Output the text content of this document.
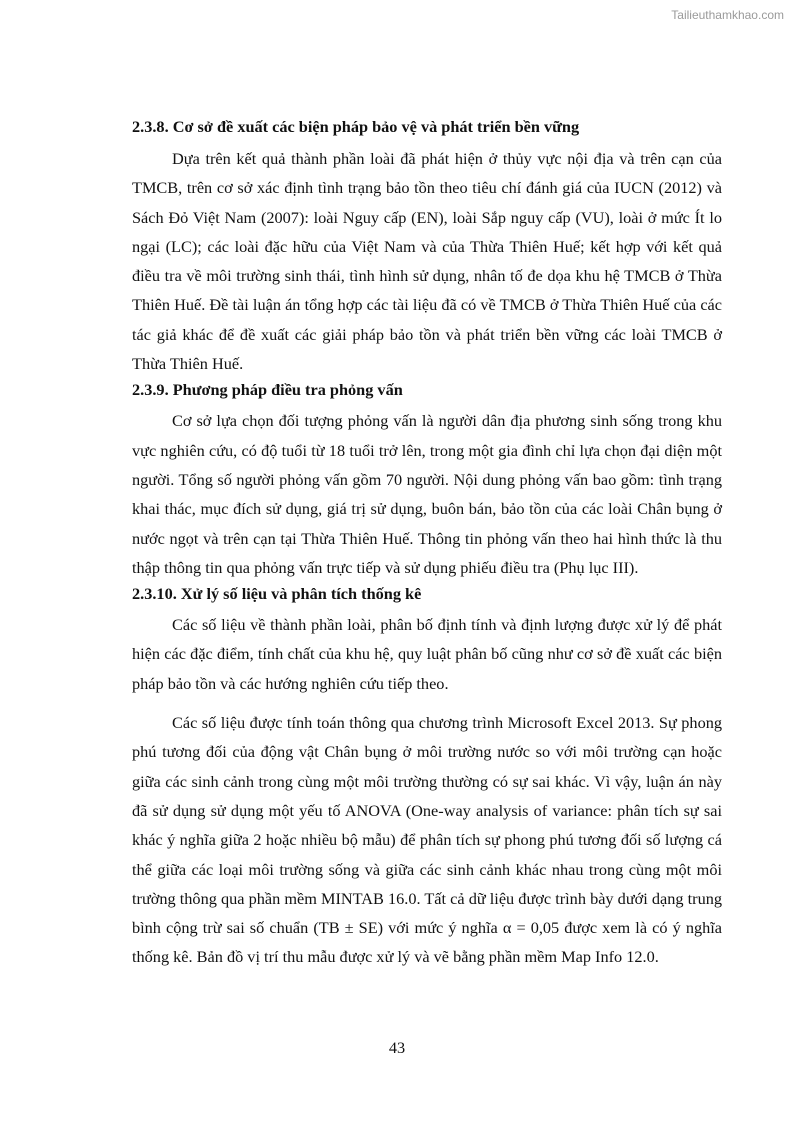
Tailieuthamkhao.com
2.3.8. Cơ sở đề xuất các biện pháp bảo vệ và phát triển bền vững

Dựa trên kết quả thành phần loài đã phát hiện ở thủy vực nội địa và trên cạn của TMCB, trên cơ sở xác định tình trạng bảo tồn theo tiêu chí đánh giá của IUCN (2012) và Sách Đỏ Việt Nam (2007): loài Nguy cấp (EN), loài Sắp nguy cấp (VU), loài ở mức Ít lo ngại (LC); các loài đặc hữu của Việt Nam và của Thừa Thiên Huế; kết hợp với kết quả điều tra về môi trường sinh thái, tình hình sử dụng, nhân tố đe dọa khu hệ TMCB ở Thừa Thiên Huế. Đề tài luận án tổng hợp các tài liệu đã có về TMCB ở Thừa Thiên Huế của các tác giả khác để đề xuất các giải pháp bảo tồn và phát triển bền vững các loài TMCB ở Thừa Thiên Huế.

2.3.9. Phương pháp điều tra phỏng vấn

Cơ sở lựa chọn đối tượng phỏng vấn là người dân địa phương sinh sống trong khu vực nghiên cứu, có độ tuổi từ 18 tuổi trở lên, trong một gia đình chỉ lựa chọn đại diện một người. Tổng số người phỏng vấn gồm 70 người. Nội dung phỏng vấn bao gồm: tình trạng khai thác, mục đích sử dụng, giá trị sử dụng, buôn bán, bảo tồn của các loài Chân bụng ở nước ngọt và trên cạn tại Thừa Thiên Huế. Thông tin phỏng vấn theo hai hình thức là thu thập thông tin qua phỏng vấn trực tiếp và sử dụng phiếu điều tra (Phụ lục III).

2.3.10. Xử lý số liệu và phân tích thống kê

Các số liệu về thành phần loài, phân bố định tính và định lượng được xử lý để phát hiện các đặc điểm, tính chất của khu hệ, quy luật phân bố cũng như cơ sở đề xuất các biện pháp bảo tồn và các hướng nghiên cứu tiếp theo.

Các số liệu được tính toán thông qua chương trình Microsoft Excel 2013. Sự phong phú tương đối của động vật Chân bụng ở môi trường nước so với môi trường cạn hoặc giữa các sinh cảnh trong cùng một môi trường thường có sự sai khác. Vì vậy, luận án này đã sử dụng sử dụng một yếu tố ANOVA (One-way analysis of variance: phân tích sự sai khác ý nghĩa giữa 2 hoặc nhiều bộ mẫu) để phân tích sự phong phú tương đối số lượng cá thể giữa các loại môi trường sống và giữa các sinh cảnh khác nhau trong cùng một môi trường thông qua phần mềm MINTAB 16.0. Tất cả dữ liệu được trình bày dưới dạng trung bình cộng trừ sai số chuẩn (TB ± SE) với mức ý nghĩa α = 0,05 được xem là có ý nghĩa thống kê. Bản đồ vị trí thu mẫu được xử lý và vẽ bằng phần mềm Map Info 12.0.

43
